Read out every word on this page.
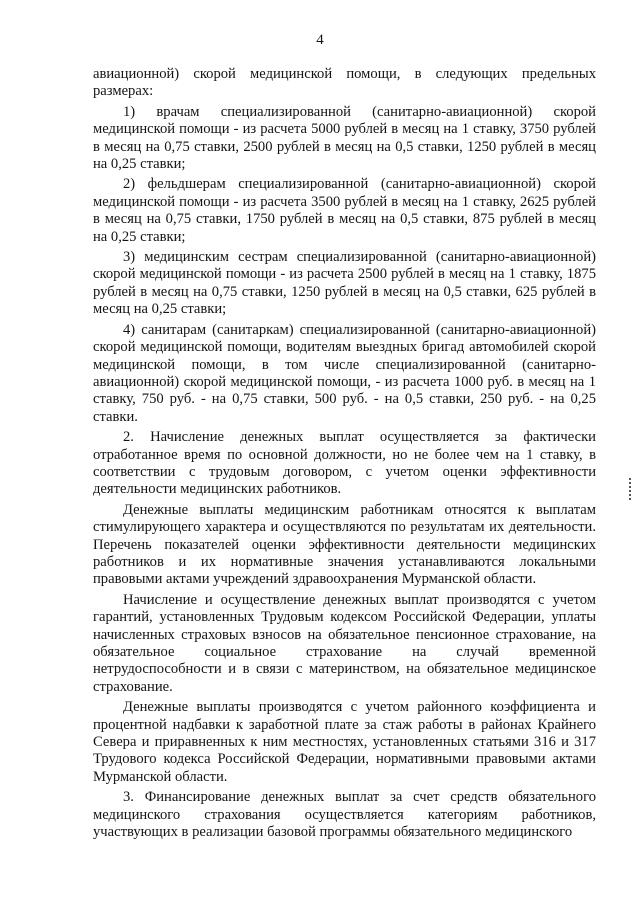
4

авиационной) скорой медицинской помощи, в следующих предельных размерах:

1) врачам специализированной (санитарно-авиационной) скорой медицинской помощи - из расчета 5000 рублей в месяц на 1 ставку, 3750 рублей в месяц на 0,75 ставки, 2500 рублей в месяц на 0,5 ставки, 1250 рублей в месяц на 0,25 ставки;

2) фельдшерам специализированной (санитарно-авиационной) скорой медицинской помощи - из расчета 3500 рублей в месяц на 1 ставку, 2625 рублей в месяц на 0,75 ставки, 1750 рублей в месяц на 0,5 ставки, 875 рублей в месяц на 0,25 ставки;

3) медицинским сестрам специализированной (санитарно-авиационной) скорой медицинской помощи - из расчета 2500 рублей в месяц на 1 ставку, 1875 рублей в месяц на 0,75 ставки, 1250 рублей в месяц на 0,5 ставки, 625 рублей в месяц на 0,25 ставки;

4) санитарам (санитаркам) специализированной (санитарно-авиационной) скорой медицинской помощи, водителям выездных бригад автомобилей скорой медицинской помощи, в том числе специализированной (санитарно-авиационной) скорой медицинской помощи, - из расчета 1000 руб. в месяц на 1 ставку, 750 руб. - на 0,75 ставки, 500 руб. - на 0,5 ставки, 250 руб. - на 0,25 ставки.

2. Начисление денежных выплат осуществляется за фактически отработанное время по основной должности, но не более чем на 1 ставку, в соответствии с трудовым договором, с учетом оценки эффективности деятельности медицинских работников.

Денежные выплаты медицинским работникам относятся к выплатам стимулирующего характера и осуществляются по результатам их деятельности. Перечень показателей оценки эффективности деятельности медицинских работников и их нормативные значения устанавливаются локальными правовыми актами учреждений здравоохранения Мурманской области.

Начисление и осуществление денежных выплат производятся с учетом гарантий, установленных Трудовым кодексом Российской Федерации, уплаты начисленных страховых взносов на обязательное пенсионное страхование, на обязательное социальное страхование на случай временной нетрудоспособности и в связи с материнством, на обязательное медицинское страхование.

Денежные выплаты производятся с учетом районного коэффициента и процентной надбавки к заработной плате за стаж работы в районах Крайнего Севера и приравненных к ним местностях, установленных статьями 316 и 317 Трудового кодекса Российской Федерации, нормативными правовыми актами Мурманской области.

3. Финансирование денежных выплат за счет средств обязательного медицинского страхования осуществляется категориям работников, участвующих в реализации базовой программы обязательного медицинского
